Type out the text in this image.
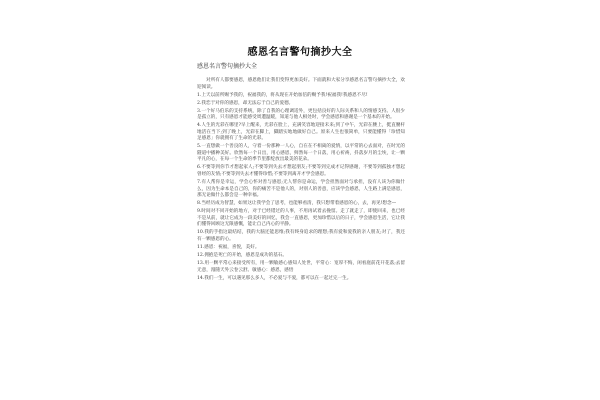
感恩名言警句摘抄大全
感恩名言警句摘抄大全

对所有人都要感恩，感恩他们让我们变得更加美好。下面就和大家分享感恩名言警句摘抄大全，欢迎阅读。

1.上天以前所赐予我的，祝福我的，将从现在开始加倍的赐予我!祝福我!我感恩不尽!

2.我恋于对你的感恩，却无法忘于自己的爱德。

3.一个好马伯乐的支持系统，除了自我的心理调适外，更包括良好的人际关系和人的情感支持。人很少是孤立的，只有感恩才能感受周遭温暖，知道与他人相处时，学会感恩和感谢是一个基本的开始。

4.人生的光彩在哪里?早上醒来，光彩在脸上，充满笑容地迎接未来;到了中午，光彩在腰上，挺直腰杆地活在当下;到了晚上，光彩在脚上，脚踏实地地做好自己。原来人生也很简单，只要能懂得「珍惜知足感恩」你就拥有了生命的光彩。

5.一直想做一个善良的人，守着一份那种一人心，自在在不相离的爱情，以平常的心去面对，在时光的隧道中播种美好。欣然每一个日出，用心感恩，鲜然每一个日落，用心祈祷，抖落岁月的尘埃，让一颗平凡的心，在每一个生命的季节里都绽放出最美的花朵。

6.不要等到你节才想起家人;不要等到失去才想起朋友;不要等到完成才记得感谢，不要等到孤独才想起曾经的友情;不要等到失去才懂得珍惜;不要等到离开才学会感恩。

7.有人帮你是幸运，学会心怀对善与感恩;无人帮你是命运，学会担然面对与承担，没有人该为你做什么，因为生命本是自己的，你的痛苦不是他人的，对别人的善意，应该学会感恩，人生路上满是感恩，那无论做什么都会是一种幸福。

8.当经历成为智慧，如果这让我学会了思考，也能够看清，我只想带着感恩的心，去，再见!想念—

9.时间对不同开始的地方，对于已经错过的人事，不用再试着去挽留。走了就走了，即使回来，也已经不是从前，就让它成为一段美好的回忆，我会一直感恩，更加珍惜以后的日子，学会感恩生活，它让我们懂得回顾这无限感慨，能让自己内心的平静。

10.我的手指这最结结，我的大脑还能思维;我有终身追求的理想;我有爱和爱我的亲人朋友;对了，我还有一颗感恩的心。

11.感恩：祝福，喜悦，美好。

12.拥抱是死亡的开始，感恩是成功的基石。

13.用一颗平常心来接受所有，用一颗敏感心感知人处世，平常心：宽厚不悔，闲看庭前花开花落;去留无意，漫随天外云卷云舒。敏感心：感恩，感悟

14.我们一生，可以遇见那么多人，不必爱与不爱，都可以在一起过完一生。
